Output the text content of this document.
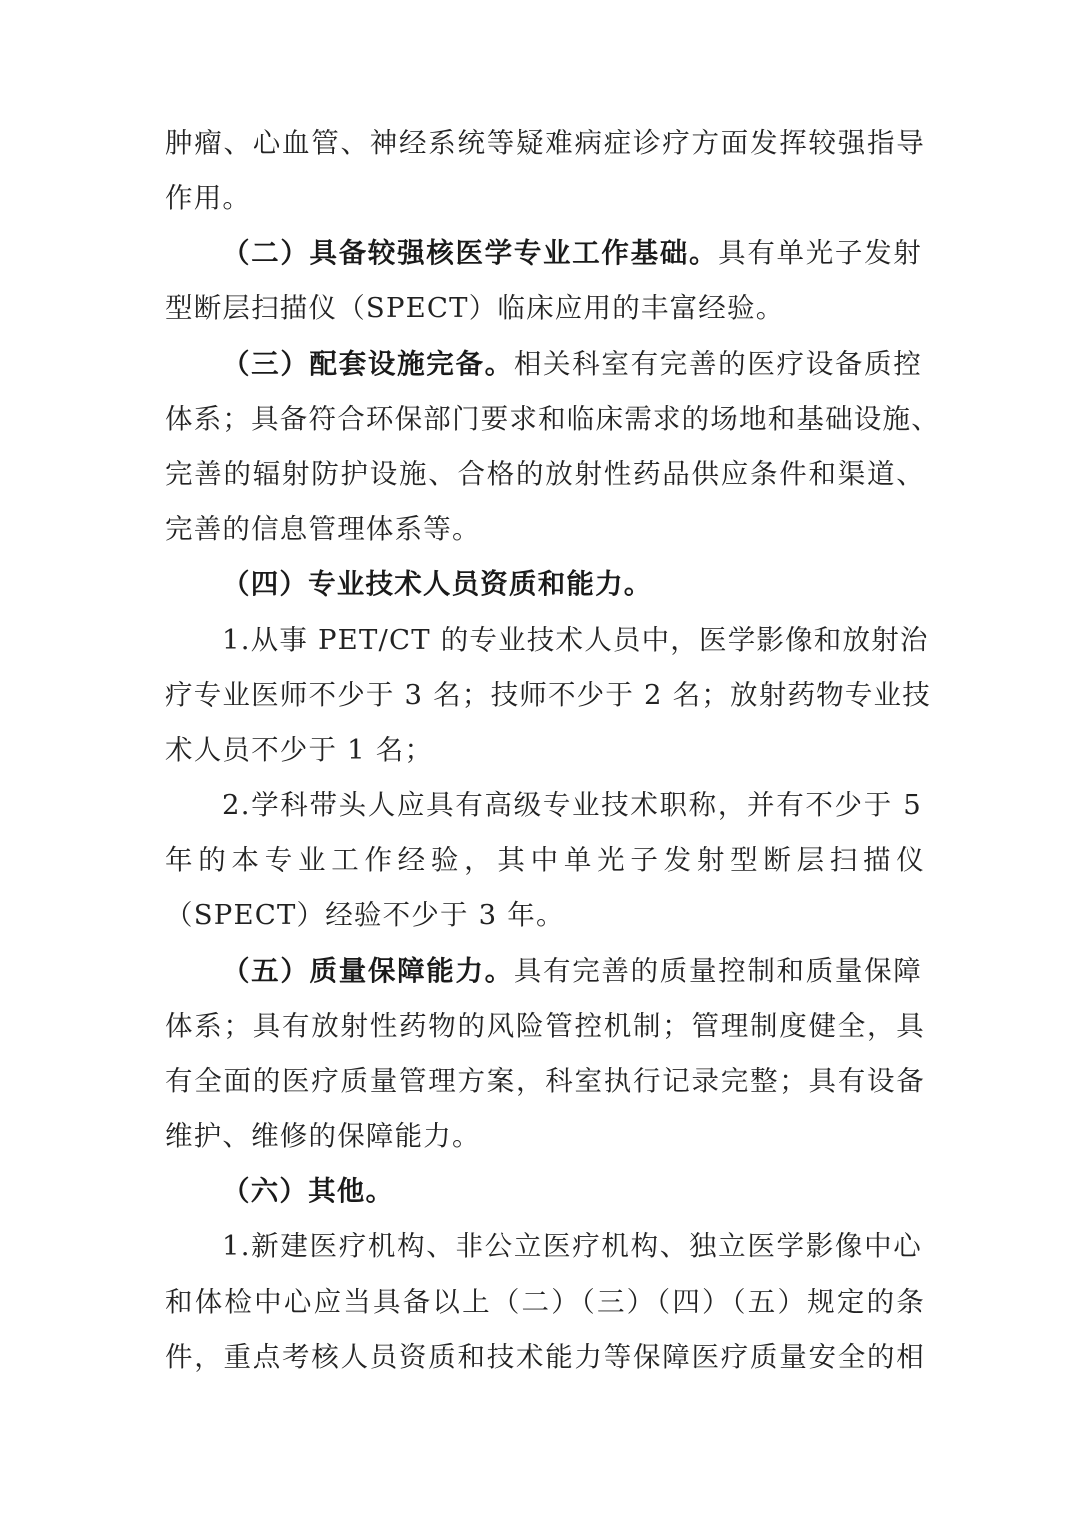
肿瘤、心血管、神经系统等疑难病症诊疗方面发挥较强指导
作用。
（二）具备较强核医学专业工作基础。具有单光子发射
型断层扫描仪（SPECT）临床应用的丰富经验。
（三）配套设施完备。相关科室有完善的医疗设备质控
体系；具备符合环保部门要求和临床需求的场地和基础设施、
完善的辐射防护设施、合格的放射性药品供应条件和渠道、
完善的信息管理体系等。
（四）专业技术人员资质和能力。
1.从事 PET/CT 的专业技术人员中，医学影像和放射治
疗专业医师不少于 3 名；技师不少于 2 名；放射药物专业技
术人员不少于 1 名；
2.学科带头人应具有高级专业技术职称，并有不少于 5
年的本专业工作经验，其中单光子发射型断层扫描仪
（SPECT）经验不少于 3 年。
（五）质量保障能力。具有完善的质量控制和质量保障
体系；具有放射性药物的风险管控机制；管理制度健全，具
有全面的医疗质量管理方案，科室执行记录完整；具有设备
维护、维修的保障能力。
（六）其他。
1.新建医疗机构、非公立医疗机构、独立医学影像中心
和体检中心应当具备以上（二）（三）（四）（五）规定的条
件，重点考核人员资质和技术能力等保障医疗质量安全的相
